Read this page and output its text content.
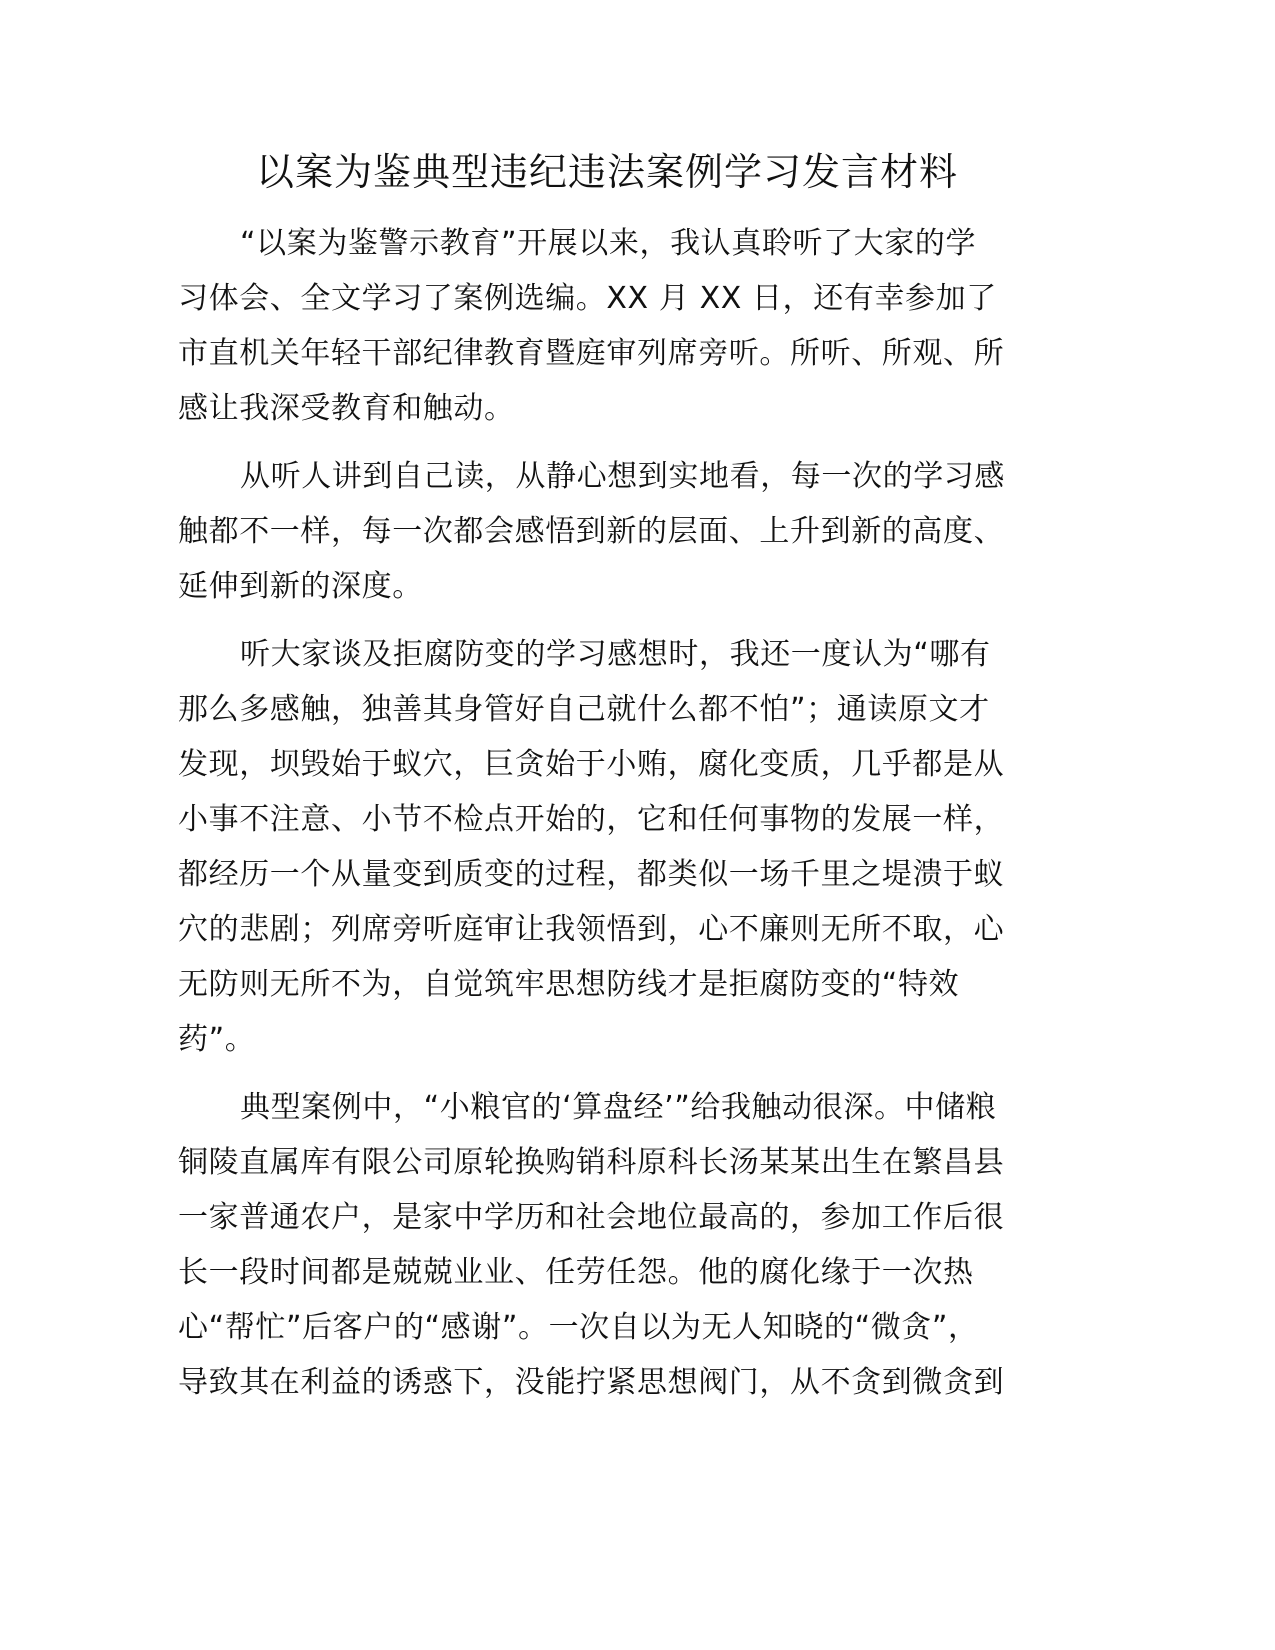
以案为鉴典型违纪违法案例学习发言材料

“以案为鉴警示教育”开展以来，我认真聆听了大家的学
习体会、全文学习了案例选编。XX 月 XX 日，还有幸参加了
市直机关年轻干部纪律教育暨庭审列席旁听。所听、所观、所
感让我深受教育和触动。

从听人讲到自己读，从静心想到实地看，每一次的学习感
触都不一样，每一次都会感悟到新的层面、上升到新的高度、
延伸到新的深度。

听大家谈及拒腐防变的学习感想时，我还一度认为“哪有
那么多感触，独善其身管好自己就什么都不怕”；通读原文才
发现，坝毁始于蚁穴，巨贪始于小贿，腐化变质，几乎都是从
小事不注意、小节不检点开始的，它和任何事物的发展一样，
都经历一个从量变到质变的过程，都类似一场千里之堤溃于蚁
穴的悲剧；列席旁听庭审让我领悟到，心不廉则无所不取，心
无防则无所不为，自觉筑牢思想防线才是拒腐防变的“特效
药”。

典型案例中，“小粮官的‘算盘经’”给我触动很深。中储粮
铜陵直属库有限公司原轮换购销科原科长汤某某出生在繁昌县
一家普通农户，是家中学历和社会地位最高的，参加工作后很
长一段时间都是兢兢业业、任劳任怨。他的腐化缘于一次热
心“帮忙”后客户的“感谢”。一次自以为无人知晓的“微贪”，
导致其在利益的诱惑下，没能拧紧思想阀门，从不贪到微贪到
